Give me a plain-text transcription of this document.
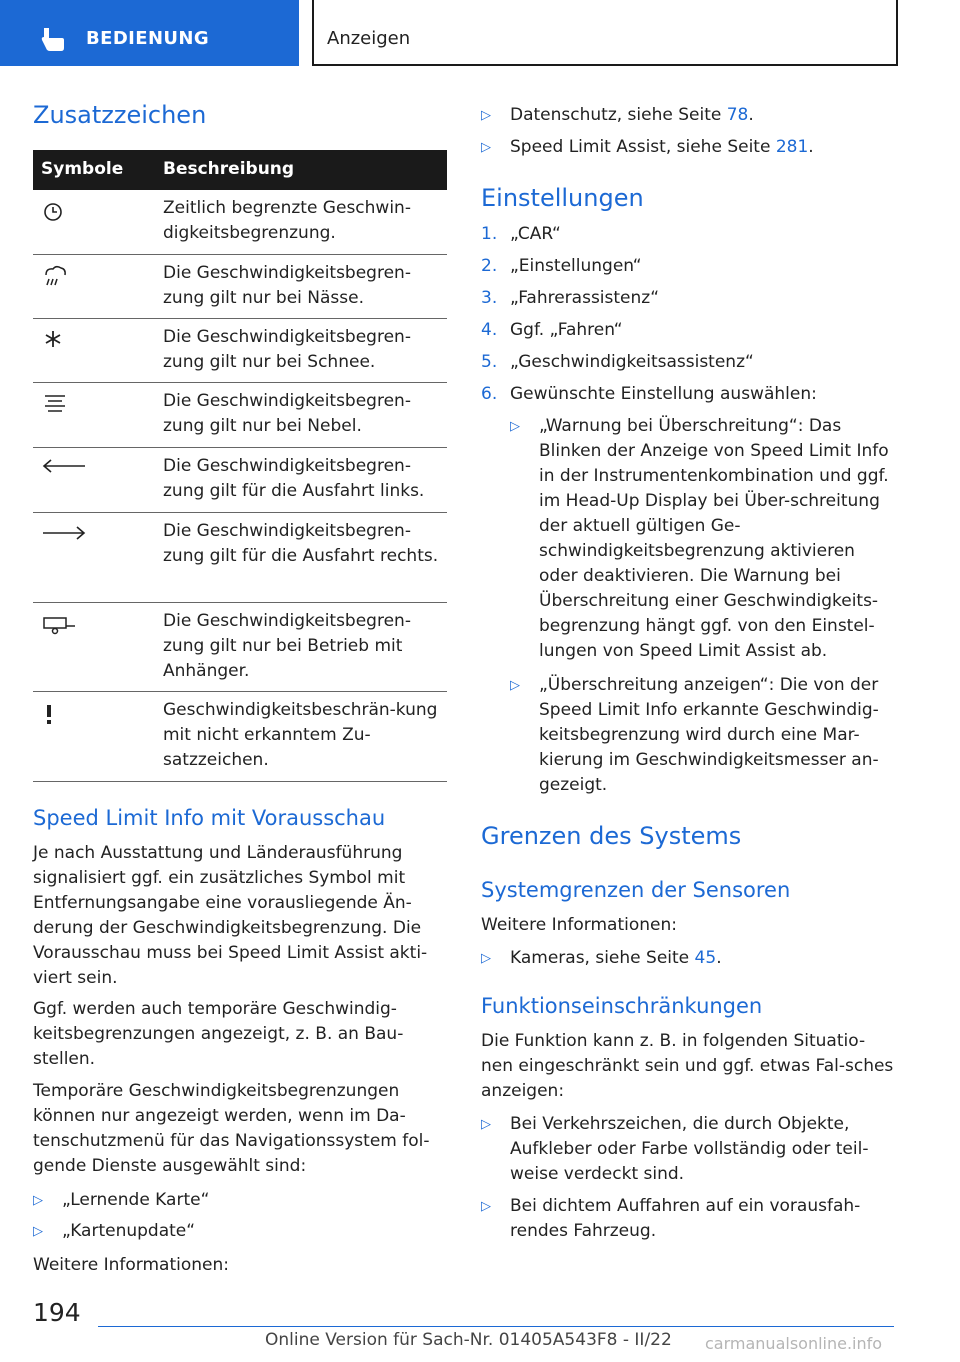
BEDIENUNG	Anzeigen
Zusatzzeichen
Symbole Beschreibung
Zeitlich begrenzte Geschwin-digkeitsbegrenzung.
Die Geschwindigkeitsbegren-zung gilt nur bei Nässe.
Die Geschwindigkeitsbegren-zung gilt nur bei Schnee.
Die Geschwindigkeitsbegren-zung gilt nur bei Nebel.
Die Geschwindigkeitsbegren-zung gilt für die Ausfahrt links.
Die Geschwindigkeitsbegren-zung gilt für die Ausfahrt rechts.
Die Geschwindigkeitsbegren-zung gilt nur bei Betrieb mit Anhänger.
Geschwindigkeitsbeschrän-kung mit nicht erkanntem Zu-satzzeichen.
Speed Limit Info mit Vorausschau
Je nach Ausstattung und Länderausführung signalisiert ggf. ein zusätzliches Symbol mit Entfernungsangabe eine vorausliegende Än-derung der Geschwindigkeitsbegrenzung. Die Vorausschau muss bei Speed Limit Assist akti-viert sein.
Ggf. werden auch temporäre Geschwindig-keitsbegrenzungen angezeigt, z. B. an Bau-stellen.
Temporäre Geschwindigkeitsbegrenzungen können nur angezeigt werden, wenn im Da-tenschutzmenü für das Navigationssystem fol-gende Dienste ausgewählt sind:
▷ „Lernende Karte“
▷ „Kartenupdate“
Weitere Informationen:
▷ Datenschutz, siehe Seite 78.
▷ Speed Limit Assist, siehe Seite 281.
Einstellungen
1. „CAR“
2. „Einstellungen“
3. „Fahrerassistenz“
4. Ggf. „Fahren“
5. „Geschwindigkeitsassistenz“
6. Gewünschte Einstellung auswählen:
▷ „Warnung bei Überschreitung“: Das Blinken der Anzeige von Speed Limit Info in der Instrumentenkombination und ggf. im Head-Up Display bei Über-schreitung der aktuell gültigen Ge-schwindigkeitsbegrenzung aktivieren oder deaktivieren. Die Warnung bei Überschreitung einer Geschwindigkeits-begrenzung hängt ggf. von den Einstel-lungen von Speed Limit Assist ab.
▷ „Überschreitung anzeigen“: Die von der Speed Limit Info erkannte Geschwindig-keitsbegrenzung wird durch eine Mar-kierung im Geschwindigkeitsmesser an-gezeigt.
Grenzen des Systems
Systemgrenzen der Sensoren
Weitere Informationen:
▷ Kameras, siehe Seite 45.
Funktionseinschränkungen
Die Funktion kann z. B. in folgenden Situatio-nen eingeschränkt sein und ggf. etwas Fal-sches anzeigen:
▷ Bei Verkehrszeichen, die durch Objekte, Aufkleber oder Farbe vollständig oder teil-weise verdeckt sind.
▷ Bei dichtem Auffahren auf ein vorausfah-rendes Fahrzeug.
194
Online Version für Sach-Nr. 01405A543F8 - II/22 carmanualsonline.info
